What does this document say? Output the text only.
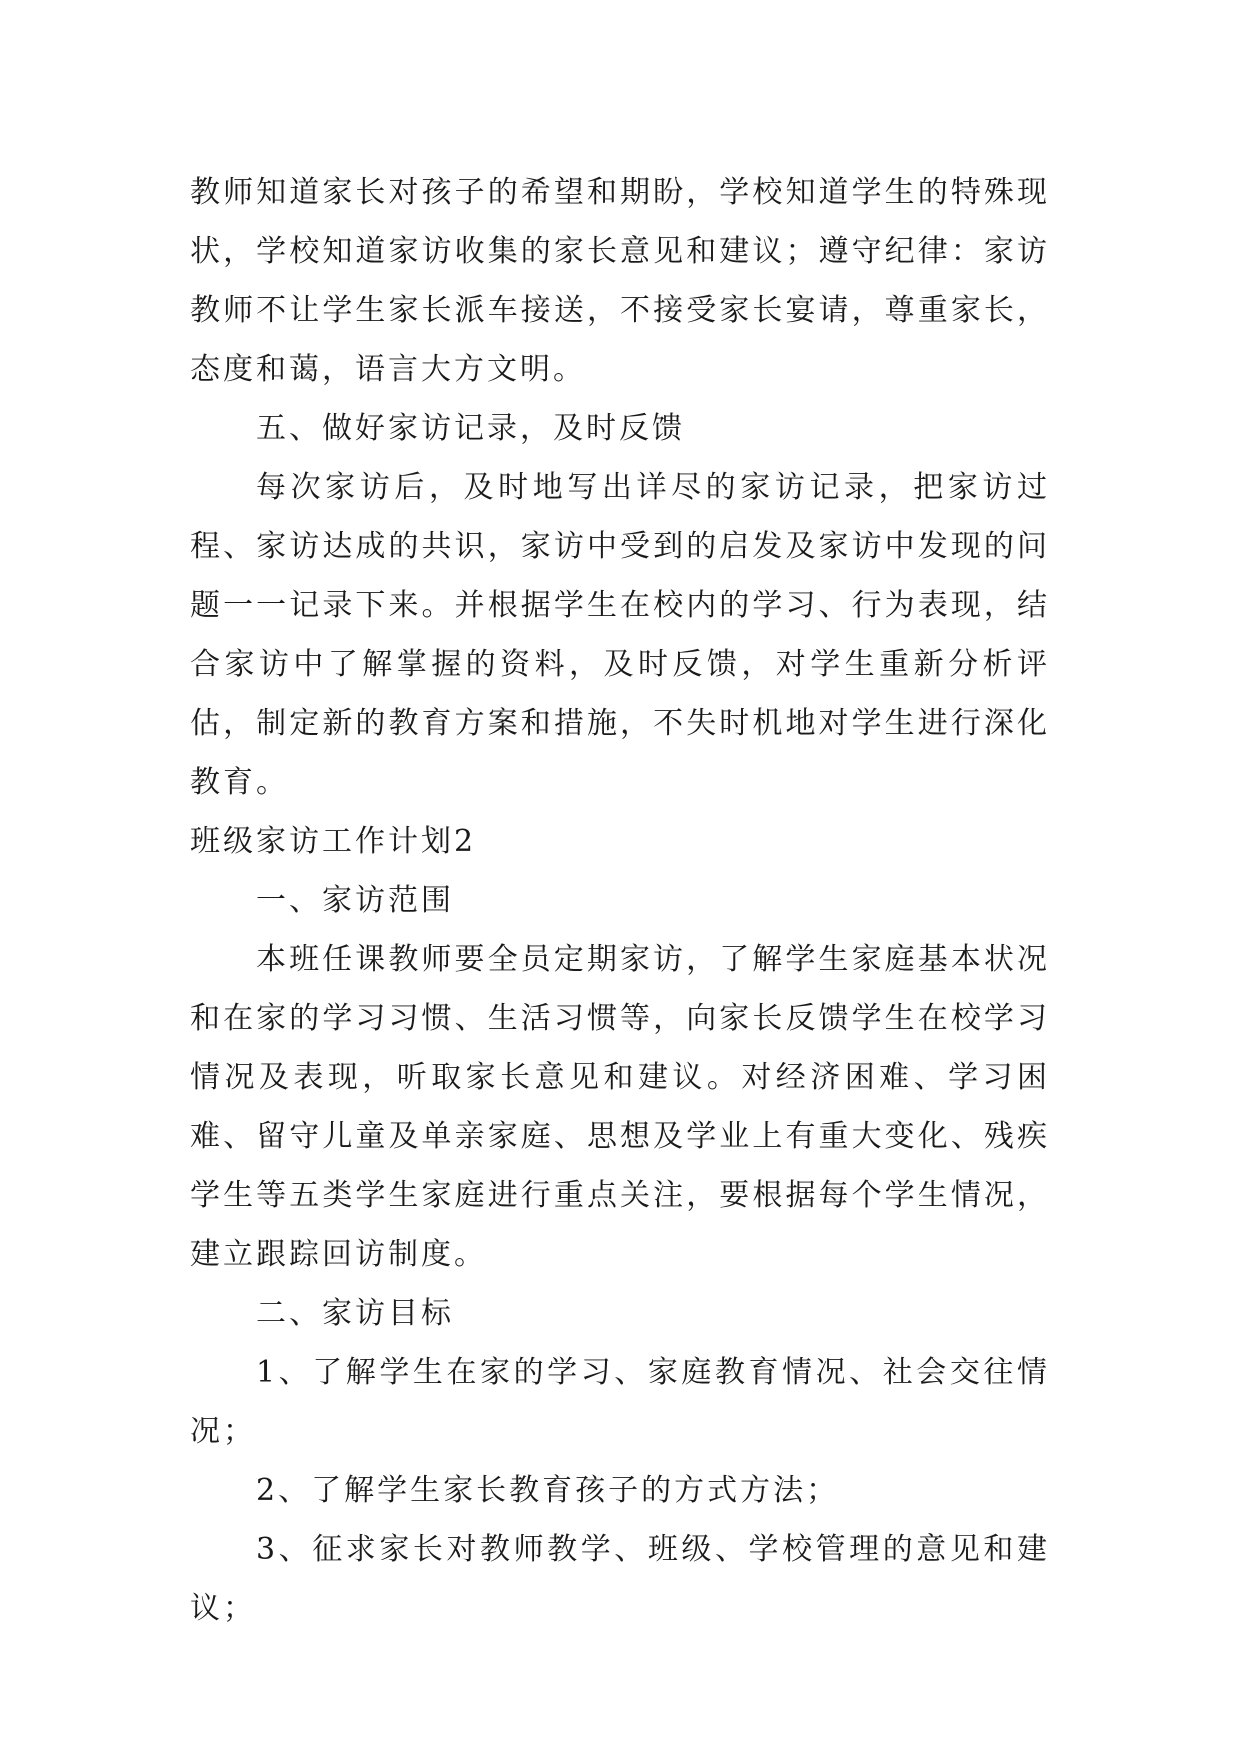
教师知道家长对孩子的希望和期盼，学校知道学生的特殊现状，学校知道家访收集的家长意见和建议；遵守纪律：家访教师不让学生家长派车接送，不接受家长宴请，尊重家长，态度和蔼，语言大方文明。

五、做好家访记录，及时反馈

每次家访后，及时地写出详尽的家访记录，把家访过程、家访达成的共识，家访中受到的启发及家访中发现的问题一一记录下来。并根据学生在校内的学习、行为表现，结合家访中了解掌握的资料，及时反馈，对学生重新分析评估，制定新的教育方案和措施，不失时机地对学生进行深化教育。

班级家访工作计划2

一、家访范围

本班任课教师要全员定期家访，了解学生家庭基本状况和在家的学习习惯、生活习惯等，向家长反馈学生在校学习情况及表现，听取家长意见和建议。对经济困难、学习困难、留守儿童及单亲家庭、思想及学业上有重大变化、残疾学生等五类学生家庭进行重点关注，要根据每个学生情况，建立跟踪回访制度。

二、家访目标

1、了解学生在家的学习、家庭教育情况、社会交往情况；

2、了解学生家长教育孩子的方式方法；

3、征求家长对教师教学、班级、学校管理的意见和建议；
